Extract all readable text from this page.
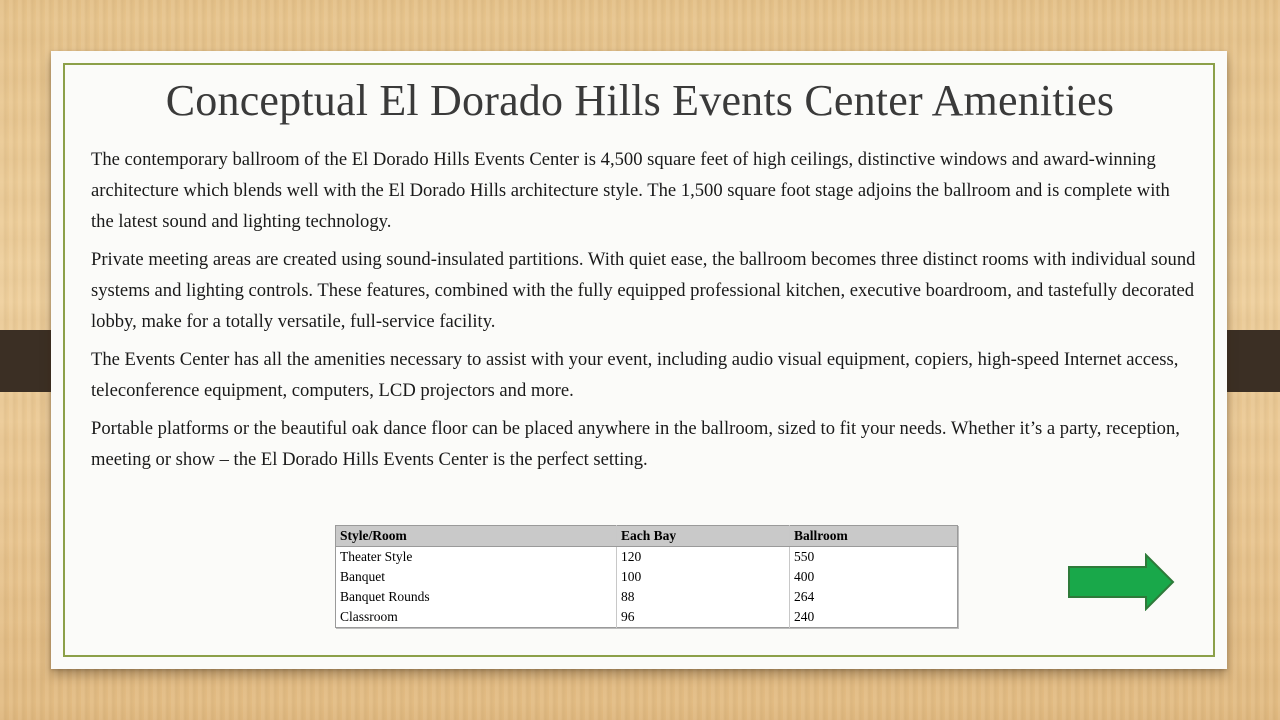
Conceptual El Dorado Hills Events Center Amenities

The contemporary ballroom of the El Dorado Hills Events Center is 4,500 square feet of high ceilings, distinctive windows and award-winning architecture which blends well with the El Dorado Hills architecture style. The 1,500 square foot stage adjoins the ballroom and is complete with the latest sound and lighting technology.

Private meeting areas are created using sound-insulated partitions. With quiet ease, the ballroom becomes three distinct rooms with individual sound systems and lighting controls. These features, combined with the fully equipped professional kitchen, executive boardroom, and tastefully decorated lobby, make for a totally versatile, full-service facility.

The Events Center has all the amenities necessary to assist with your event, including audio visual equipment, copiers, high-speed Internet access, teleconference equipment, computers, LCD projectors and more.

Portable platforms or the beautiful oak dance floor can be placed anywhere in the ballroom, sized to fit your needs. Whether it’s a party, reception, meeting or show – the El Dorado Hills Events Center is the perfect setting.

Style/Room	Each Bay	Ballroom
Theater Style	120	550
Banquet	100	400
Banquet Rounds	88	264
Classroom	96	240
